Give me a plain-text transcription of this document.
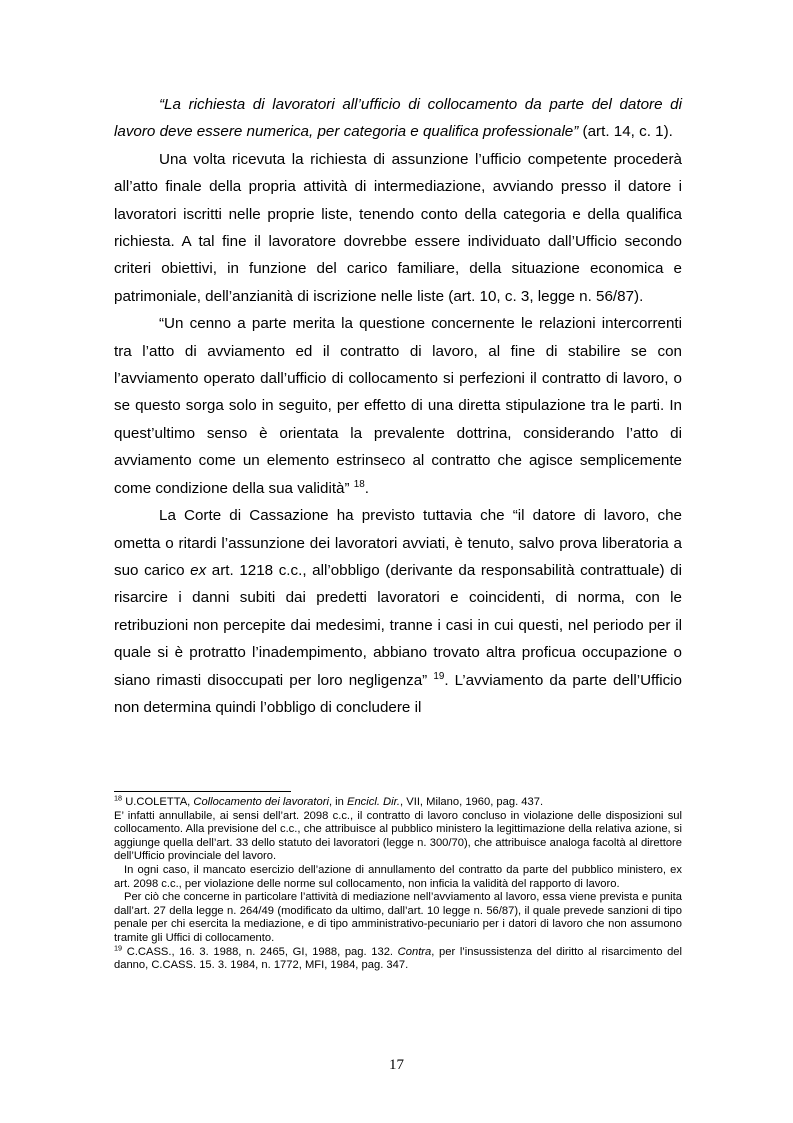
“La richiesta di lavoratori all’ufficio di collocamento da parte del datore di lavoro deve essere numerica, per categoria e qualifica professionale” (art. 14, c. 1).

Una volta ricevuta la richiesta di assunzione l’ufficio competente procederà all’atto finale della propria attività di intermediazione, avviando presso il datore i lavoratori iscritti nelle proprie liste, tenendo conto della categoria e della qualifica richiesta. A tal fine il lavoratore dovrebbe essere individuato dall’Ufficio secondo criteri obiettivi, in funzione del carico familiare, della situazione economica e patrimoniale, dell’anzianità di iscrizione nelle liste (art. 10, c. 3, legge n. 56/87).

“Un cenno a parte merita la questione concernente le relazioni intercorrenti tra l’atto di avviamento ed il contratto di lavoro, al fine di stabilire se con l’avviamento operato dall’ufficio di collocamento si perfezioni il contratto di lavoro, o se questo sorga solo in seguito, per effetto di una diretta stipulazione tra le parti. In quest’ultimo senso è orientata la prevalente dottrina, considerando l’atto di avviamento come un elemento estrinseco al contratto che agisce semplicemente come condizione della sua validità” $^{18}$.

La Corte di Cassazione ha previsto tuttavia che “il datore di lavoro, che ometta o ritardi l’assunzione dei lavoratori avviati, è tenuto, salvo prova liberatoria a suo carico ex art. 1218 c.c., all’obbligo (derivante da responsabilità contrattuale) di risarcire i danni subiti dai predetti lavoratori e coincidenti, di norma, con le retribuzioni non percepite dai medesimi, tranne i casi in cui questi, nel periodo per il quale si è protratto l’inadempimento, abbiano trovato altra proficua occupazione o siano rimasti disoccupati per loro negligenza” $^{19}$. L’avviamento da parte dell’Ufficio non determina quindi l’obbligo di concludere il

$^{18}$ U.COLETTA, Collocamento dei lavoratori, in Encicl. Dir., VII, Milano, 1960, pag. 437.

E’ infatti annullabile, ai sensi dell’art. 2098 c.c., il contratto di lavoro concluso in violazione delle disposizioni sul collocamento. Alla previsione del c.c., che attribuisce al pubblico ministero la legittimazione della relativa azione, si aggiunge quella dell’art. 33 dello statuto dei lavoratori (legge n. 300/70), che attribuisce analoga facoltà al direttore dell’Ufficio provinciale del lavoro.

In ogni caso, il mancato esercizio dell’azione di annullamento del contratto da parte del pubblico ministero, ex art. 2098 c.c., per violazione delle norme sul collocamento, non inficia la validità del rapporto di lavoro.

Per ciò che concerne in particolare l’attività di mediazione nell’avviamento al lavoro, essa viene prevista e punita dall’art. 27 della legge n. 264/49 (modificato da ultimo, dall’art. 10 legge n. 56/87), il quale prevede sanzioni di tipo penale per chi esercita la mediazione, e di tipo amministrativo-pecuniario per i datori di lavoro che non assumono tramite gli Uffici di collocamento.

$^{19}$ C.CASS., 16. 3. 1988, n. 2465, GI, 1988, pag. 132. Contra, per l’insussistenza del diritto al risarcimento del danno, C.CASS. 15. 3. 1984, n. 1772, MFI, 1984, pag. 347.

17
